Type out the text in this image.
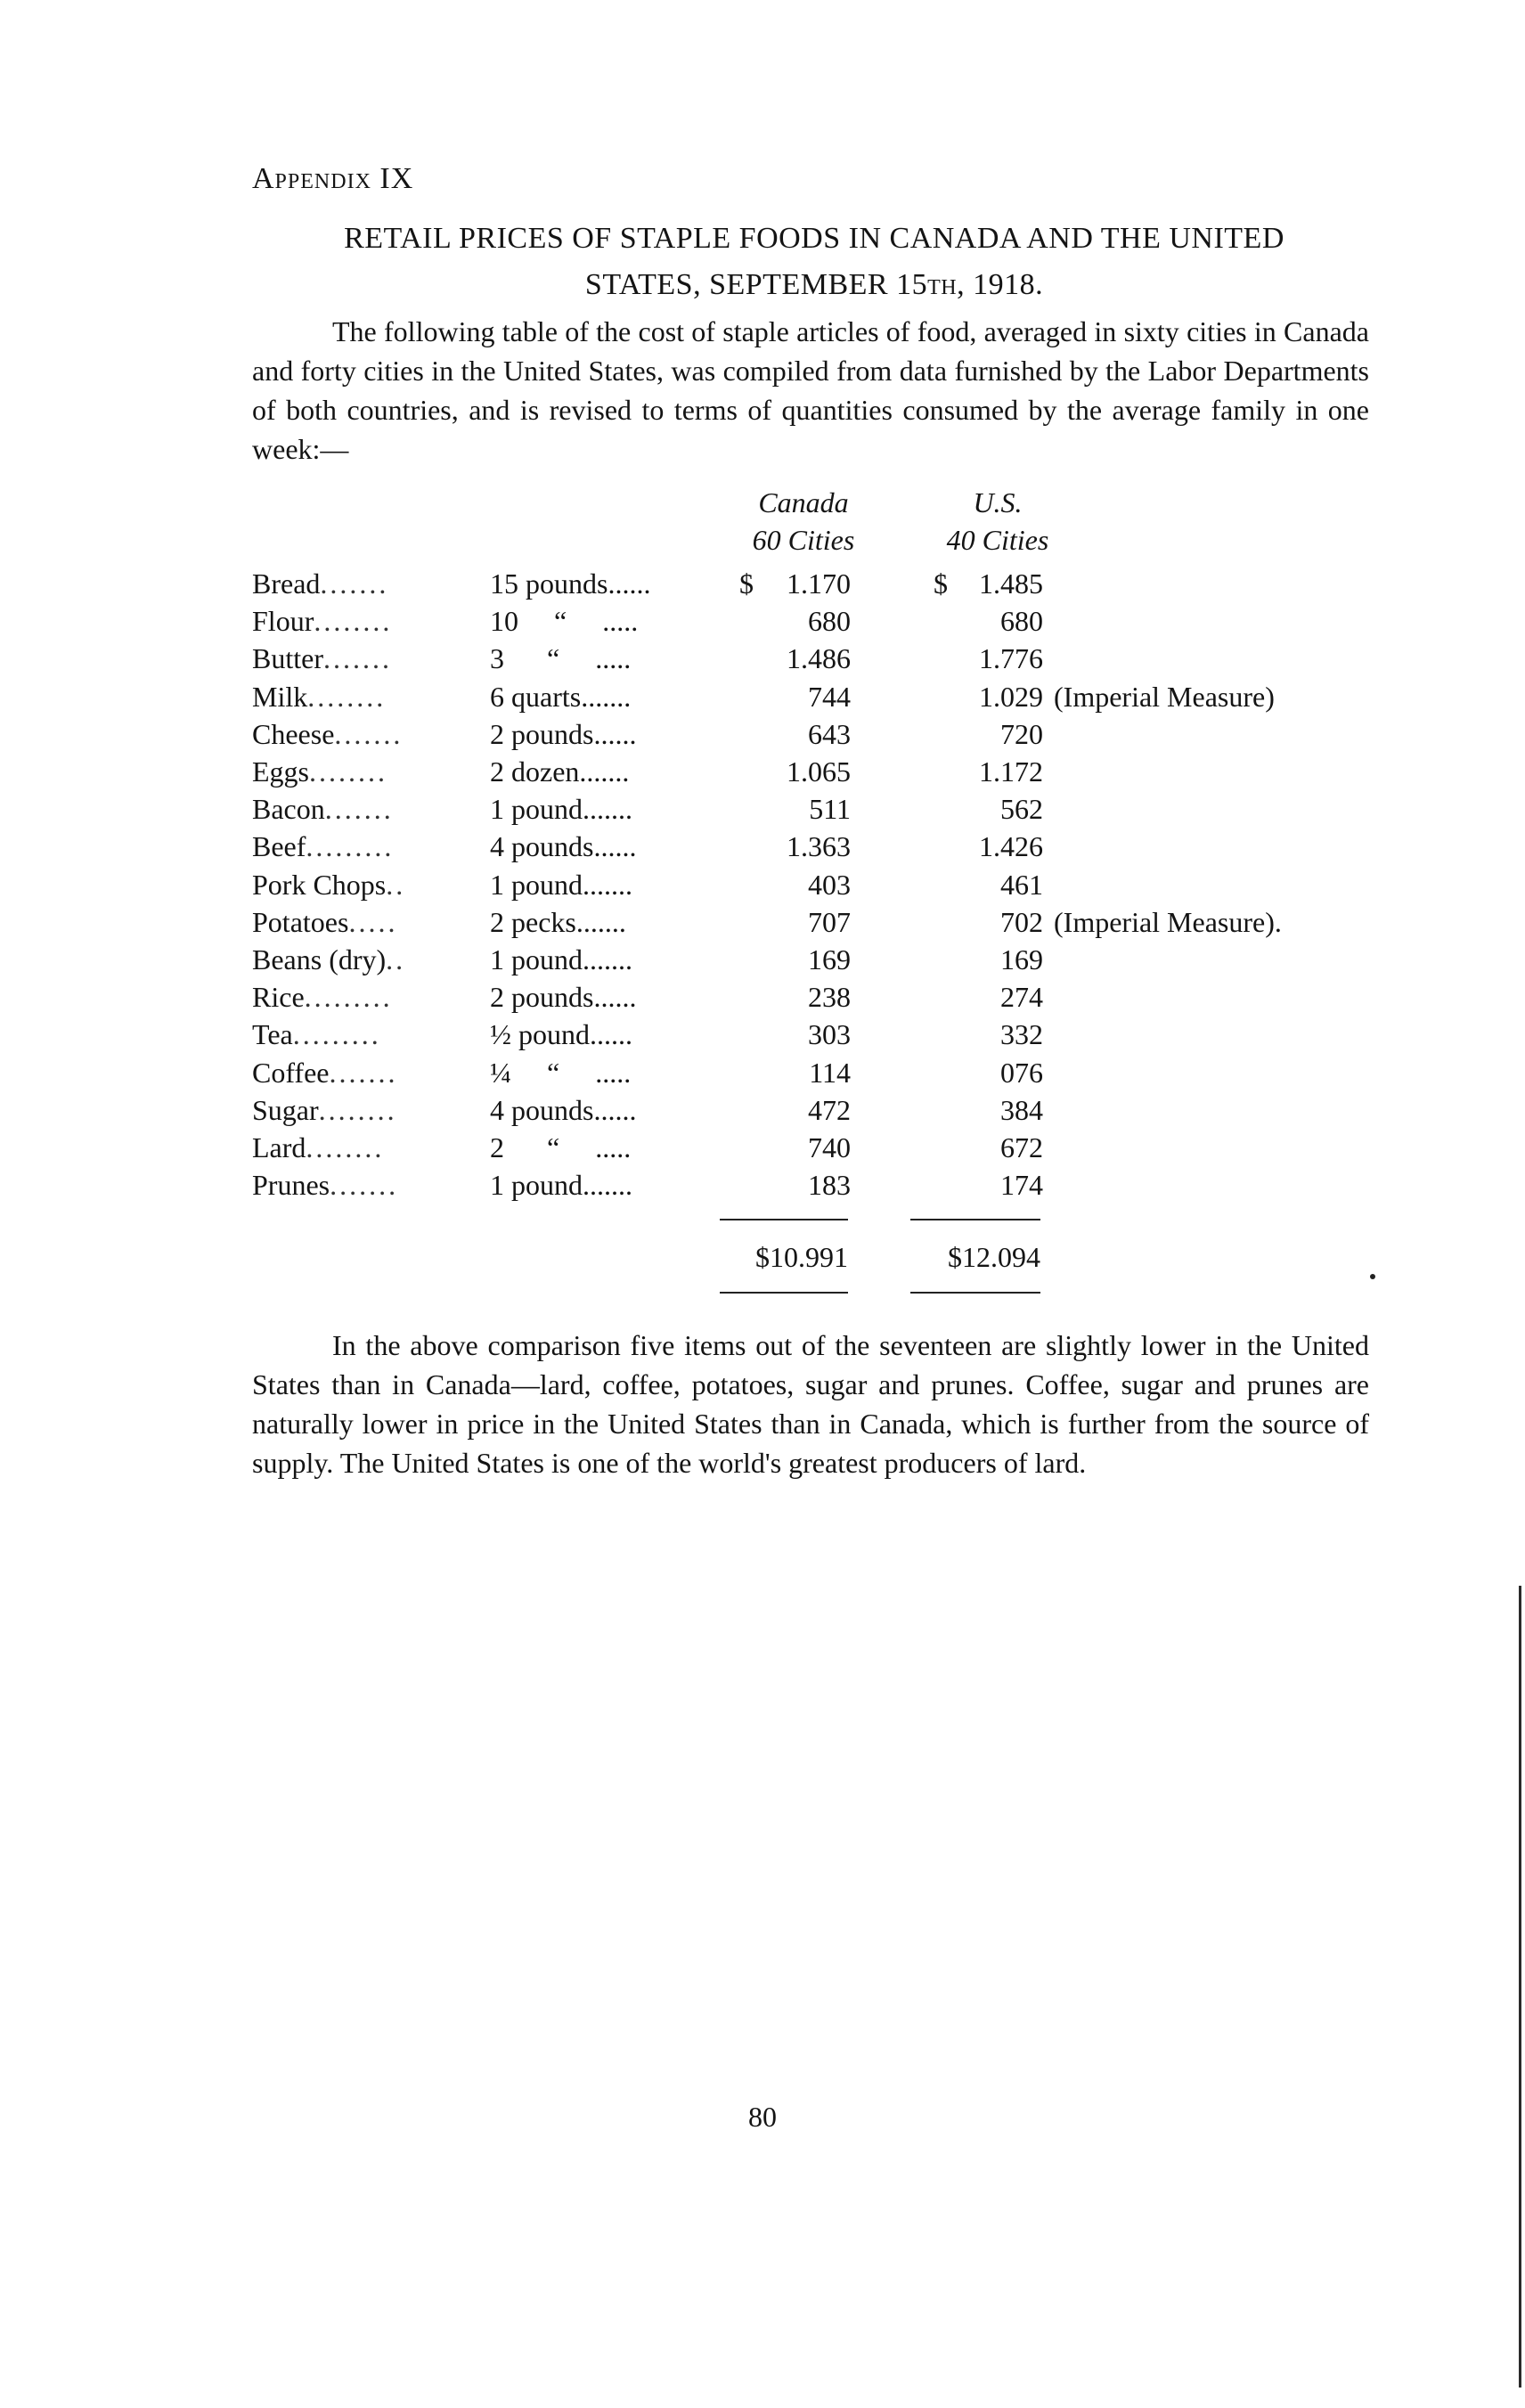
Appendix IX
RETAIL PRICES OF STAPLE FOODS IN CANADA AND THE UNITED
STATES, SEPTEMBER 15th, 1918.

The following table of the cost of staple articles of food, averaged in sixty cities in Canada and forty cities in the United States, was compiled from data furnished by the Labor Departments of both countries, and is revised to terms of quantities consumed by the average family in one week:—

Canada
60 Cities
U.S.
40 Cities
Bread.......	15 pounds......	$	1.170	$	1.485
Flour........	10     “     .....	680	680
Butter.......	3      “     .....	1.486	1.776
Milk........	6 quarts.......	744	1.029 (Imperial Measure)
Cheese.......	2 pounds......	643	720
Eggs........	2 dozen.......	1.065	1.172
Bacon.......	1 pound.......	511	562
Beef.........	4 pounds......	1.363	1.426
Pork Chops..	1 pound.......	403	461
Potatoes.....	2 pecks.......	707	702 (Imperial Measure).
Beans (dry)..	1 pound.......	169	169
Rice.........	2 pounds......	238	274
Tea.........	½ pound......	303	332
Coffee.......	¼     “     .....	114	076
Sugar........	4 pounds......	472	384
Lard........	2      “     .....	740	672
Prunes.......	1 pound.......	183	174
$10.991	$12.094

In the above comparison five items out of the seventeen are slightly lower in the United States than in Canada—lard, coffee, potatoes, sugar and prunes. Coffee, sugar and prunes are naturally lower in price in the United States than in Canada, which is further from the source of supply. The United States is one of the world's greatest producers of lard.

80
